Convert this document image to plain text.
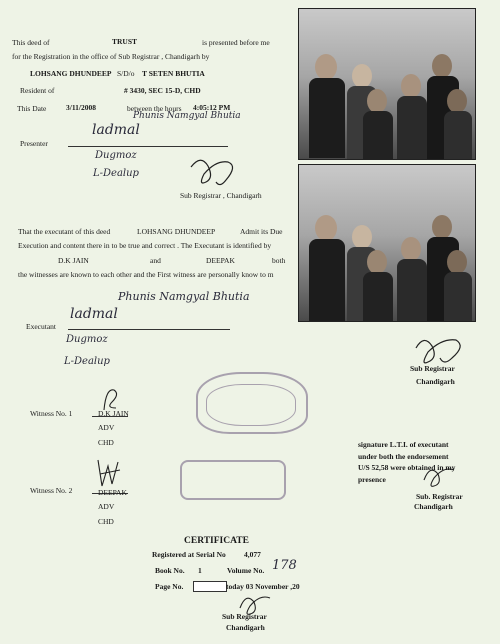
This deed of	TRUST	is presented before me
for the Registration in the office of Sub Registrar , Chandigarh by
LOHSANG DHUNDEEP S/D/o T SETEN BHUTIA
Resident of	# 3430, SEC 15-D, CHD
This Date	3/11/2008	between the hours 4:05:12 PM
Phunis Namgyal Bhutia
Presenter
ladmal
Dugmoz
L-Dealup
Sub Registrar , Chandigarh
That the executant of this deed	LOHSANG DHUNDEEP	Admit its Due
Execution and content there in to be true and correct . The Executant is identified by
D.K JAIN	and	DEEPAK	both
the witnesses are known to each other and the First witness are personally know to m
Phunis Namgyal Bhutia
Executant
ladmal
Dugmoz
L-Dealup
Sub Registrar
Chandigarh
Witness No. 1	D.K JAIN
ADV
CHD
Witness No. 2	DEEPAK
ADV
CHD
signature L.T.I. of executant
under both the endorsement
U/S 52,58 were obtained in my
presence
Sub. Registrar
Chandigarh
CERTIFICATE
Registered at Serial No 4,077
Book No. 1	Volume No. 178
Page No.	today 03 November ,20
Sub Registrar
Chandigarh
